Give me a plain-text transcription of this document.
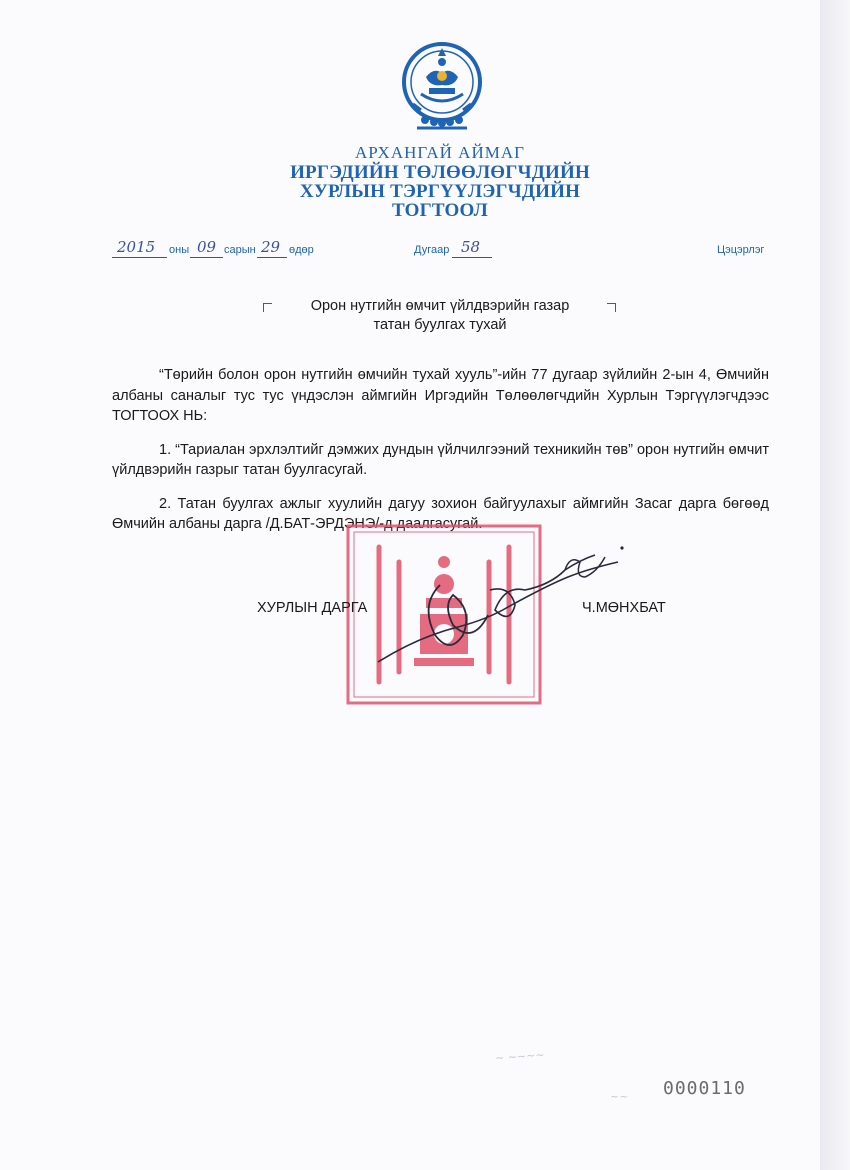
АРХАНГАЙ АЙМАГ
ИРГЭДИЙН ТӨЛӨӨЛӨГЧДИЙН
ХУРЛЫН ТЭРГҮҮЛЭГЧДИЙН
ТОГТООЛ
2015 оны 09 сарын 29 өдөр	Дугаар 58	Цэцэрлэг
Орон нутгийн өмчит үйлдвэрийн газар
татан буулгах тухай

“Төрийн болон орон нутгийн өмчийн тухай хууль”-ийн 77 дугаар зүйлийн 2-ын 4, Өмчийн албаны саналыг тус тус үндэслэн аймгийн Иргэдийн Төлөөлөгчдийн Хурлын Тэргүүлэгчдээс ТОГТООХ НЬ:

1. “Тариалан эрхлэлтийг дэмжих дундын үйлчилгээний техникийн төв” орон нутгийн өмчит үйлдвэрийн газрыг татан буулгасугай.

2. Татан буулгах ажлыг хуулийн дагуу зохион байгуулахыг аймгийн Засаг дарга бөгөөд Өмчийн албаны дарга /Д.БАТ-ЭРДЭНЭ/-д даалгасугай.

ХУРЛЫН ДАРГА	Ч.МӨНХБАТ
~ ~~~~
~~ 0000110
